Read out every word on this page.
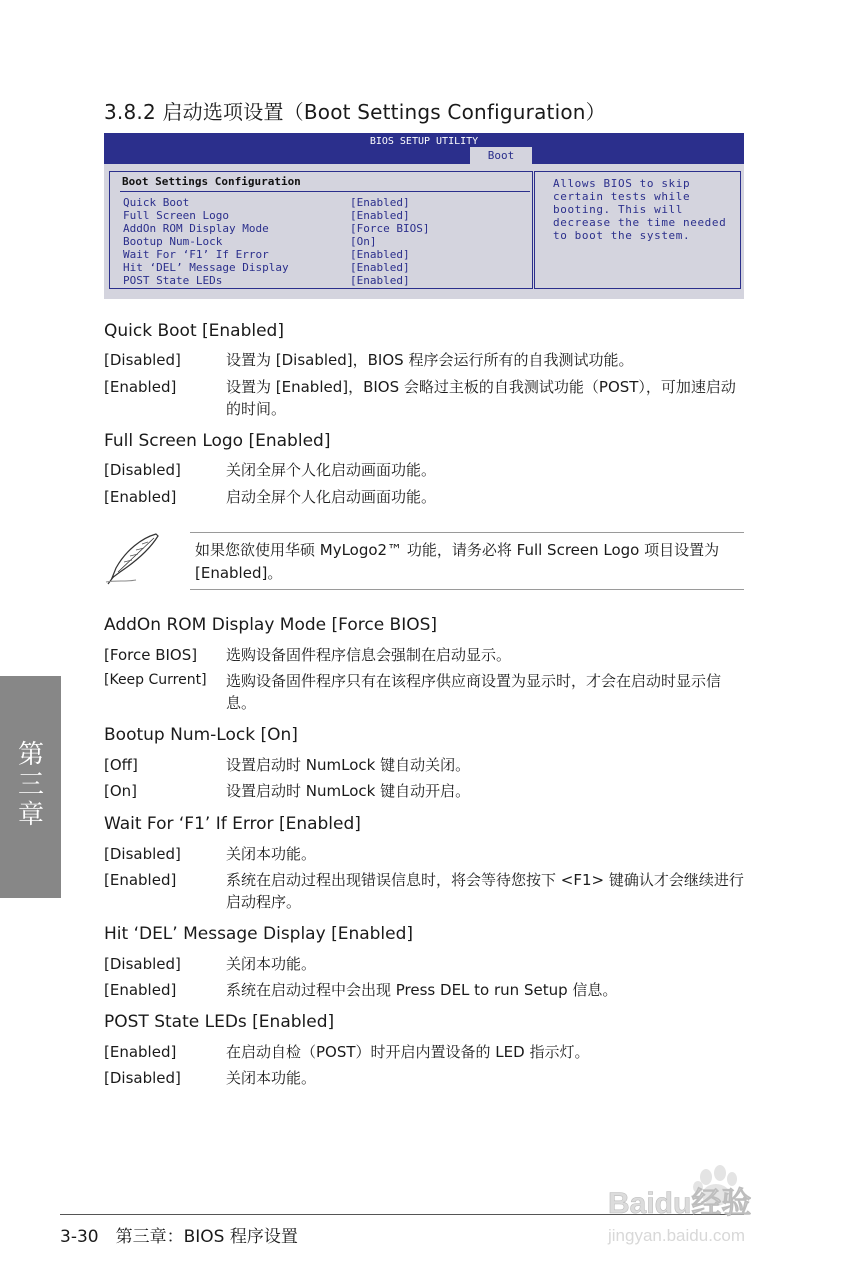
3.8.2 启动选项设置（Boot Settings Configuration）
BIOS SETUP UTILITY
Boot
Boot Settings Configuration
Quick Boot	[Enabled]
Full Screen Logo	[Enabled]
AddOn ROM Display Mode	[Force BIOS]
Bootup Num-Lock	[On]
Wait For ‘F1’ If Error	[Enabled]
Hit ‘DEL’ Message Display	[Enabled]
POST State LEDs	[Enabled]
Allows BIOS to skip certain tests while booting. This will decrease the time needed to boot the system.
Quick Boot [Enabled]
[Disabled]	设置为 [Disabled]，BIOS 程序会运行所有的自我测试功能。
[Enabled]	设置为 [Enabled]，BIOS 会略过主板的自我测试功能（POST），可加速启动的时间。
Full Screen Logo [Enabled]
[Disabled]	关闭全屏个人化启动画面功能。
[Enabled]	启动全屏个人化启动画面功能。
如果您欲使用华硕 MyLogo2™ 功能，请务必将 Full Screen Logo 项目设置为 [Enabled]。
AddOn ROM Display Mode [Force BIOS]
[Force BIOS] 选购设备固件程序信息会强制在启动显示。
[Keep Current] 选购设备固件程序只有在该程序供应商设置为显示时，才会在启动时显示信息。
Bootup Num-Lock [On]
[Off]	设置启动时 NumLock 键自动关闭。
[On]	设置启动时 NumLock 键自动开启。
Wait For ‘F1’ If Error [Enabled]
[Disabled]	关闭本功能。
[Enabled]	系统在启动过程出现错误信息时，将会等待您按下 <F1> 键确认才会继续进行启动程序。
Hit ‘DEL’ Message Display [Enabled]
[Disabled]	关闭本功能。
[Enabled]	系统在启动过程中会出现 Press DEL to run Setup 信息。
POST State LEDs [Enabled]
[Enabled]	在启动自检（POST）时开启内置设备的 LED 指示灯。
[Disabled]	关闭本功能。
第三章
3-30　第三章：BIOS 程序设置
Baidu经验
jingyan.baidu.com
